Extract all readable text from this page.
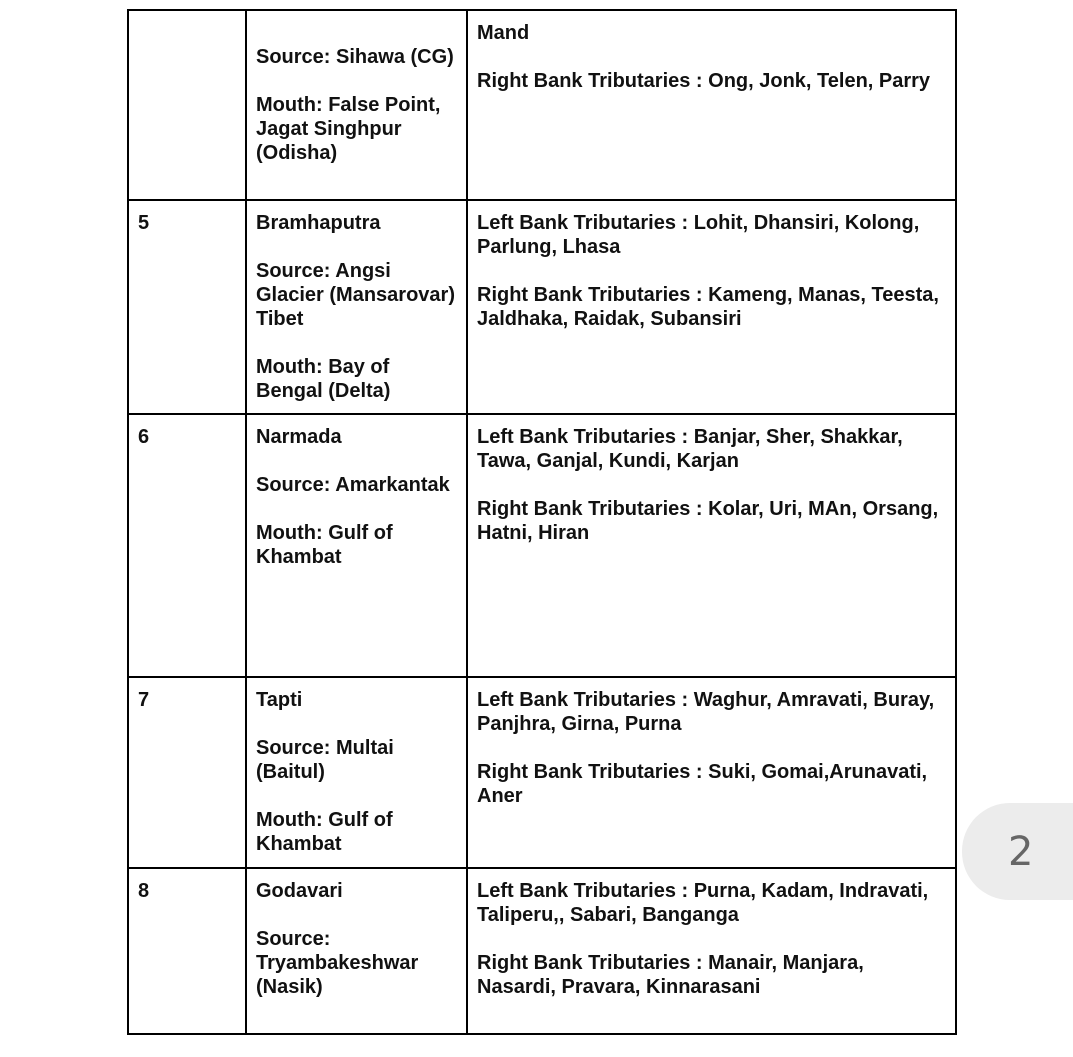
	Source: Sihawa (CG)
Mouth: False Point, Jagat Singhpur (Odisha)	Mand
Right Bank Tributaries : Ong, Jonk, Telen, Parry

5	Bramhaputra
Source: Angsi Glacier (Mansarovar) Tibet
Mouth: Bay of Bengal (Delta)	Left Bank Tributaries : Lohit, Dhansiri, Kolong, Parlung, Lhasa
Right Bank Tributaries : Kameng, Manas, Teesta, Jaldhaka, Raidak, Subansiri

6	Narmada
Source: Amarkantak
Mouth: Gulf of Khambat	Left Bank Tributaries : Banjar, Sher, Shakkar, Tawa, Ganjal, Kundi, Karjan
Right Bank Tributaries : Kolar, Uri, MAn, Orsang, Hatni, Hiran

7	Tapti
Source: Multai (Baitul)
Mouth: Gulf of Khambat	Left Bank Tributaries : Waghur, Amravati, Buray, Panjhra, Girna, Purna
Right Bank Tributaries : Suki, Gomai,Arunavati, Aner

8	Godavari
Source: Tryambakeshwar (Nasik)	Left Bank Tributaries : Purna, Kadam, Indravati, Taliperu,, Sabari, Banganga
Right Bank Tributaries : Manair, Manjara, Nasardi, Pravara, Kinnarasani
2
